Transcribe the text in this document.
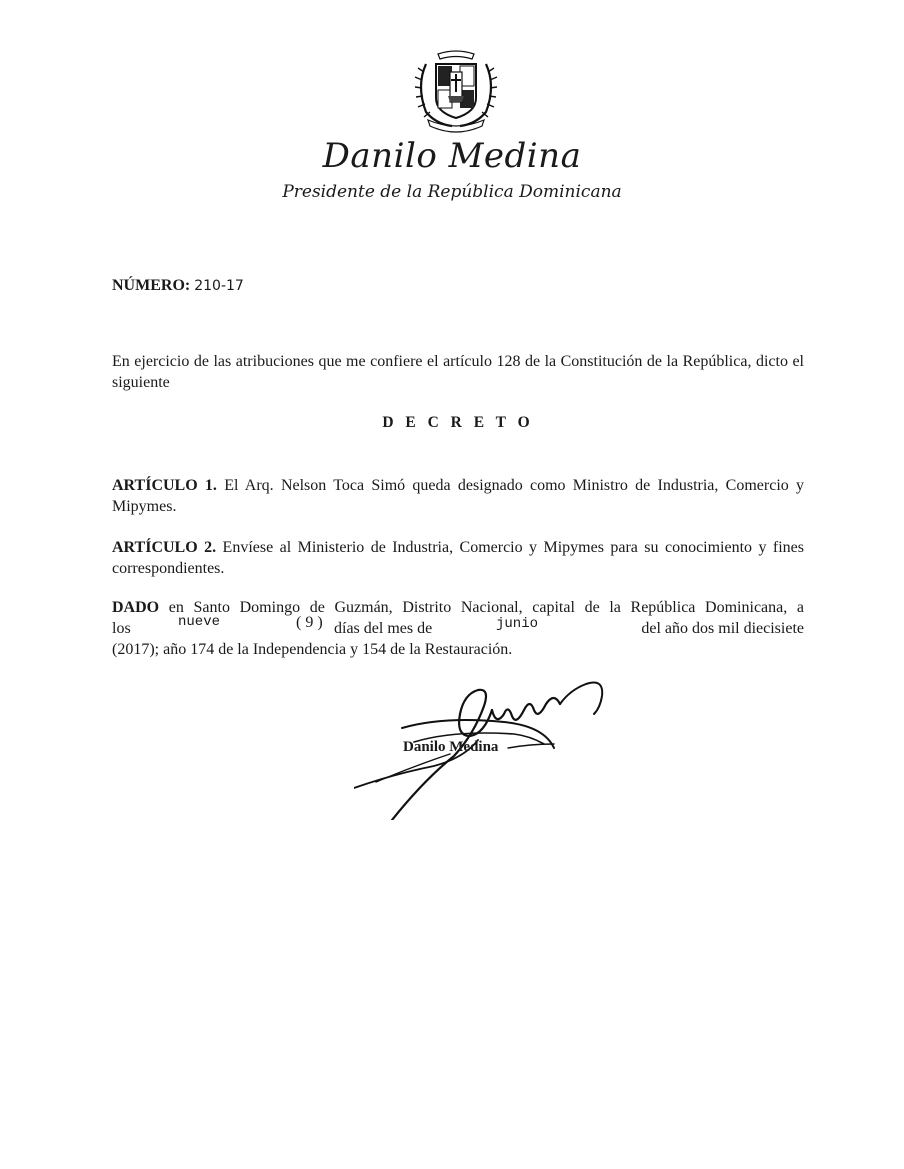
Danilo Medina
Presidente de la República Dominicana
NÚMERO: 210-17
En ejercicio de las atribuciones que me confiere el artículo 128 de la Constitución de la República, dicto el siguiente
D E C R E T O
ARTÍCULO 1. El Arq. Nelson Toca Simó queda designado como Ministro de Industria, Comercio y Mipymes.
ARTÍCULO 2. Envíese al Ministerio de Industria, Comercio y Mipymes para su conocimiento y fines correspondientes.
DADO en Santo Domingo de Guzmán, Distrito Nacional, capital de la República Dominicana, a
los	nueve	( 9 ) días del mes de	junio	del año dos mil diecisiete
(2017); año 174 de la Independencia y 154 de la Restauración.
Danilo Medina
